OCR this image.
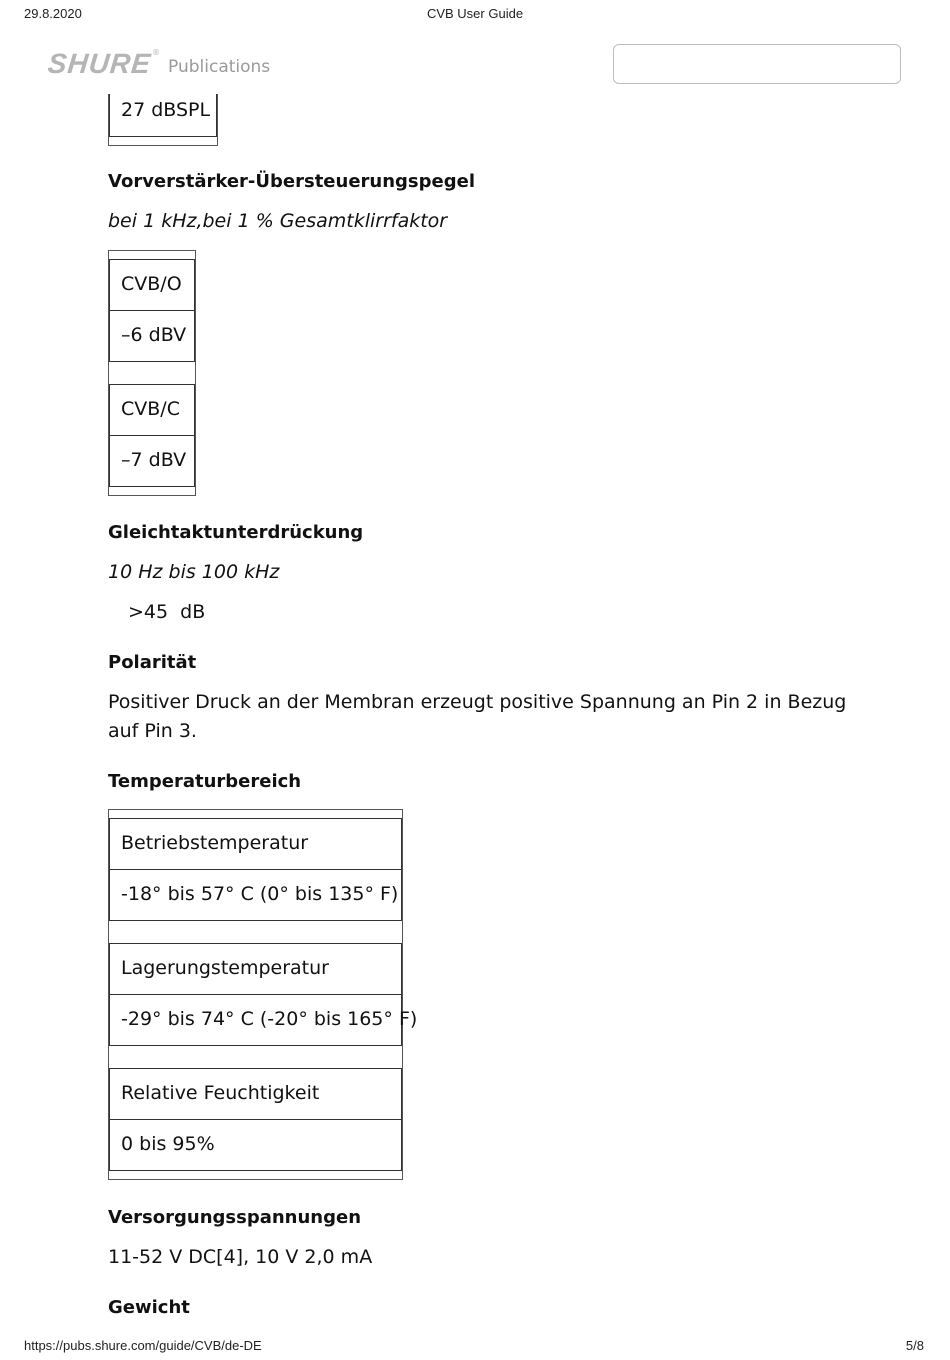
29.8.2020	CVB User Guide
SHURE ®
Publications
27 dBSPL
Vorverstärker-Übersteuerungspegel
bei 1 kHz,bei 1 % Gesamtklirrfaktor
CVB/O
–6 dBV
CVB/C
–7 dBV
Gleichtaktunterdrückung
10 Hz bis 100 kHz
>45  dB
Polarität
Positiver Druck an der Membran erzeugt positive Spannung an Pin 2 in Bezug auf Pin 3.
Temperaturbereich
Betriebstemperatur
-18° bis 57° C (0° bis 135° F)
Lagerungstemperatur
-29° bis 74° C (-20° bis 165° F)
Relative Feuchtigkeit
0 bis 95%
Versorgungsspannungen
11-52 V DC[4], 10 V 2,0 mA
Gewicht
https://pubs.shure.com/guide/CVB/de-DE	5/8
